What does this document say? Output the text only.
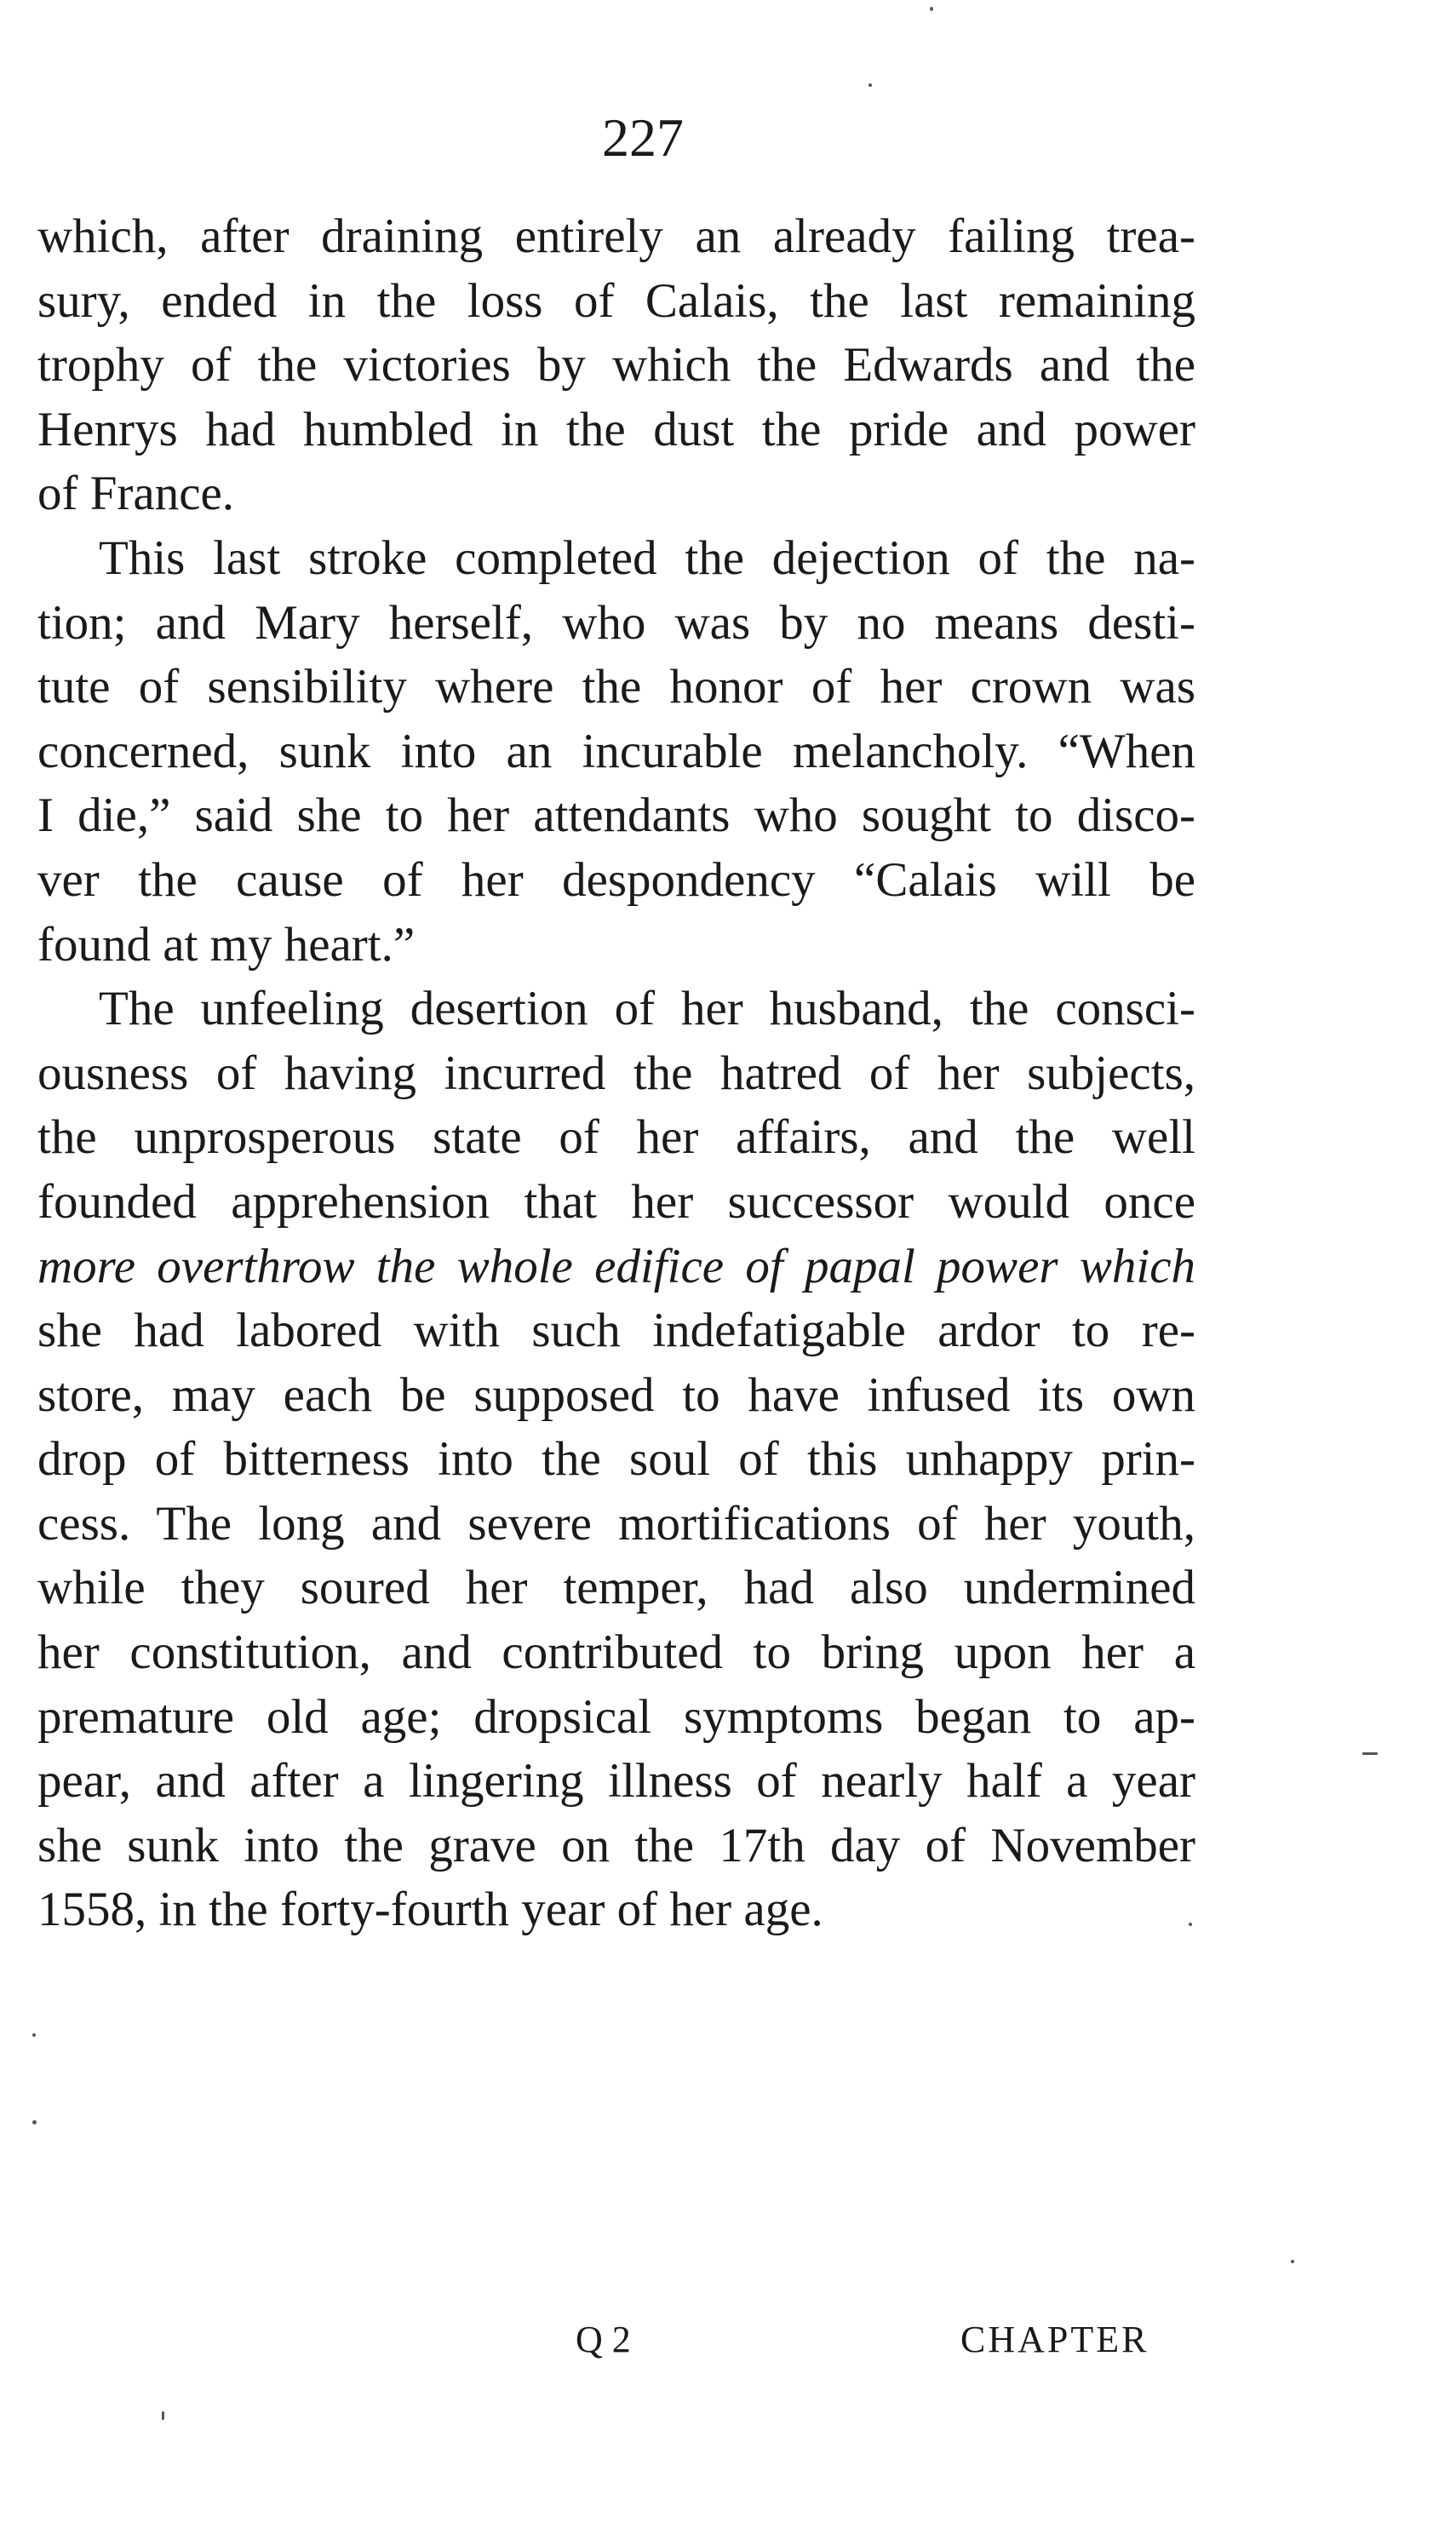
227
which, after draining entirely an already failing trea-
sury, ended in the loss of Calais, the last remaining
trophy of the victories by which the Edwards and the
Henrys had humbled in the dust the pride and power
of France.
This last stroke completed the dejection of the na-
tion; and Mary herself, who was by no means desti-
tute of sensibility where the honor of her crown was
concerned, sunk into an incurable melancholy. “When
I die,” said she to her attendants who sought to disco-
ver the cause of her despondency “Calais will be
found at my heart.”
The unfeeling desertion of her husband, the consci-
ousness of having incurred the hatred of her subjects,
the unprosperous state of her affairs, and the well
founded apprehension that her successor would once
more overthrow the whole edifice of papal power which
she had labored with such indefatigable ardor to re-
store, may each be supposed to have infused its own
drop of bitterness into the soul of this unhappy prin-
cess. The long and severe mortifications of her youth,
while they soured her temper, had also undermined
her constitution, and contributed to bring upon her a
premature old age; dropsical symptoms began to ap-
pear, and after a lingering illness of nearly half a year
she sunk into the grave on the 17th day of November
1558, in the forty-fourth year of her age.
Q 2	CHAPTER
